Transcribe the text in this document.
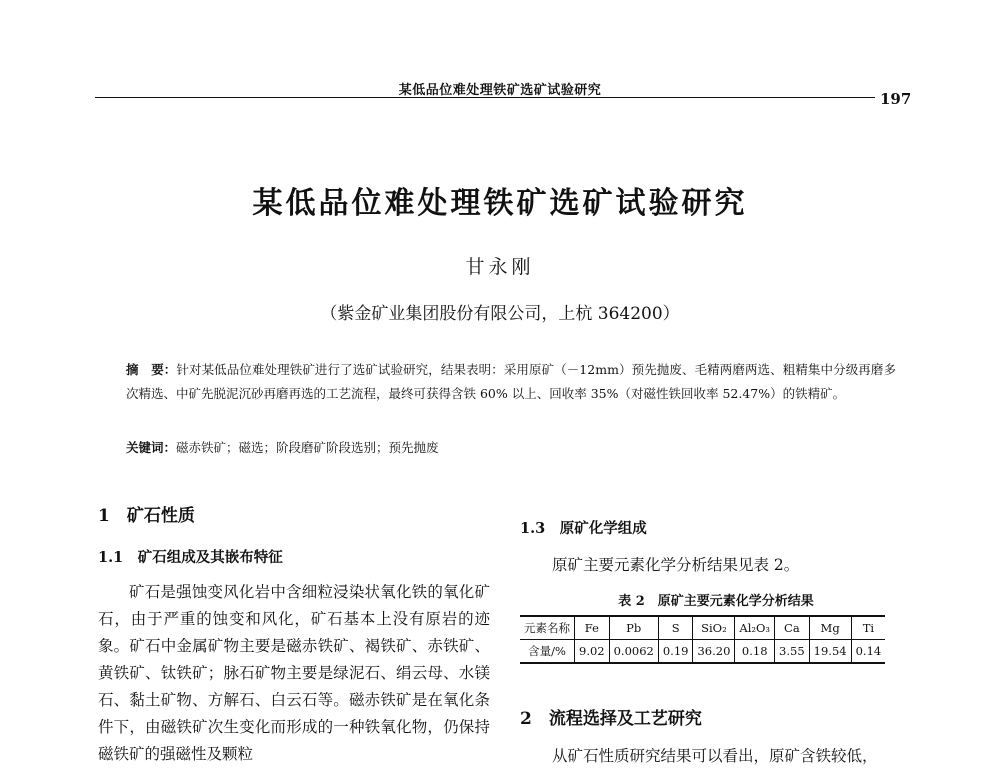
某低品位难处理铁矿选矿试验研究	197
某低品位难处理铁矿选矿试验研究
甘永刚
（紫金矿业集团股份有限公司，上杭 364200）
摘　要：针对某低品位难处理铁矿进行了选矿试验研究，结果表明：采用原矿（－12mm）预先抛废、毛精两磨两选、粗精集中分级再磨多次精选、中矿先脱泥沉砂再磨再选的工艺流程，最终可获得含铁 60% 以上、回收率 35%（对磁性铁回收率 52.47%）的铁精矿。
关键词：磁赤铁矿；磁选；阶段磨矿阶段选别；预先抛废
1　矿石性质
1.1　矿石组成及其嵌布特征
矿石是强蚀变风化岩中含细粒浸染状氧化铁的氧化矿石，由于严重的蚀变和风化，矿石基本上没有原岩的迹象。矿石中金属矿物主要是磁赤铁矿、褐铁矿、赤铁矿、黄铁矿、钛铁矿；脉石矿物主要是绿泥石、绢云母、水镁石、黏土矿物、方解石、白云石等。磁赤铁矿是在氧化条件下，由磁铁矿次生变化而形成的一种铁氧化物，仍保持磁铁矿的强磁性及颗粒
1.3　原矿化学组成
原矿主要元素化学分析结果见表 2。
表 2　原矿主要元素化学分析结果
元素名称	Fe	Pb	S	SiO₂	Al₂O₃	Ca	Mg	Ti
含量/%	9.02	0.0062	0.19	36.20	0.18	3.55	19.54	0.14
2　流程选择及工艺研究
从矿石性质研究结果可以看出，原矿含铁较低，
